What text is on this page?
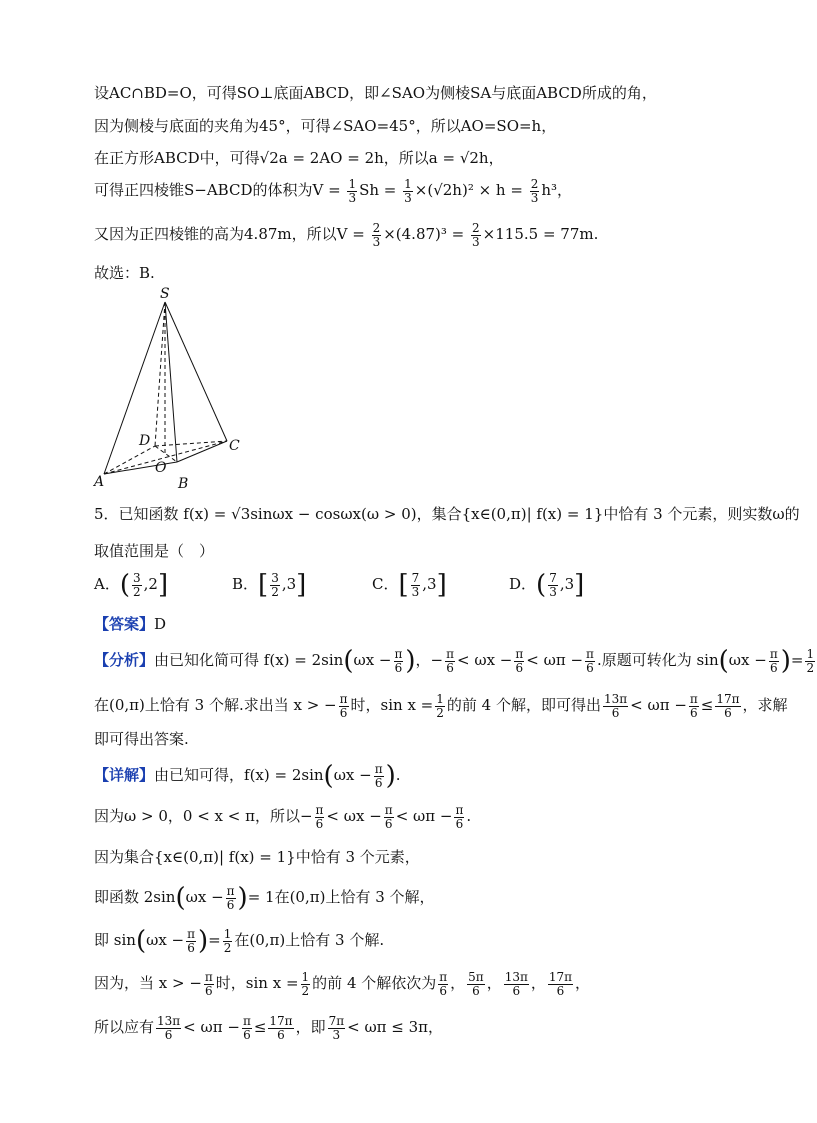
设AC∩BD=O，可得SO⊥底面ABCD，即∠SAO为侧棱SA与底面ABCD所成的角，
因为侧棱与底面的夹角为45°，可得∠SAO=45°，所以AO=SO=h，
在正方形ABCD中，可得√2a = 2AO = 2h，所以a = √2h，
可得正四棱锥S−ABCD的体积为$V = \frac{1}{3}$ $Sh = \frac{1}{3} \times(√2h)^2 \times h = \frac{2}{3} h^3$，
又因为正四棱锥的高为4.87m，所以$V = \frac{2}{3} \times(4.87)^3 = \frac{2}{3} \times 115.5 = 77m$.
故选：B.
S
A	B
C
D
O
5．已知函数 f(x) = √3sinωx − cosωx(ω > 0)，集合{x∈(0,π)| f(x) = 1}中恰有 3 个元素，则实数ω的
取值范围是（　）
A．( $\frac{3}{2} ,2$]	B．[ $\frac{3}{2} ,3$]	C．[ $\frac{7}{3} ,3$]	D．( $\frac{7}{3} ,3$]
【答案】D
【分析】由已知化简可得 $f(x) = 2\sin(\omega x - \frac{\pi}{6}$ )，− $\frac{\pi}{6} < \omega x - \frac{\pi}{6} < \omega\pi - \frac{\pi}{6}$ .原题可转化为 $\sin(\omega x - \frac{\pi}{6}$ )= $\frac{1}{2}$
在(0,π)上恰有 3 个解.求出当 x > − $\frac{\pi}{6}$ 时，$\sin x = \frac{1}{2}$ 的前 4 个解，即可得出 $\frac{13\pi}{6} < \omega\pi - \frac{\pi}{6} \le \frac{17\pi}{6}$ ，求解
即可得出答案.
【详解】由已知可得，$f(x) = 2\sin(\omega x - \frac{\pi}{6}$ ).
因为ω > 0，0 < x < π，所以− $\frac{\pi}{6} < \omega x - \frac{\pi}{6} < \omega\pi - \frac{\pi}{6}$ .
因为集合{x∈(0,π)| f(x) = 1}中恰有 3 个元素，
即函数 $2\sin(\omega x - \frac{\pi}{6}$ )= 1在(0,π)上恰有 3 个解，
即 $\sin(\omega x - \frac{\pi}{6}$ )= $\frac{1}{2}$ 在(0,π)上恰有 3 个解.
因为，当 x > − $\frac{\pi}{6}$ 时，$\sin x = \frac{1}{2}$ 的前 4 个解依次为 $\frac{\pi}{6}$ ， $\frac{5\pi}{6}$ ， $\frac{13\pi}{6}$ ， $\frac{17\pi}{6}$ ，
所以应有 $\frac{13\pi}{6} < \omega\pi - \frac{\pi}{6} \le \frac{17\pi}{6}$ ，即 $\frac{7\pi}{3} < \omega\pi \le 3\pi$，
